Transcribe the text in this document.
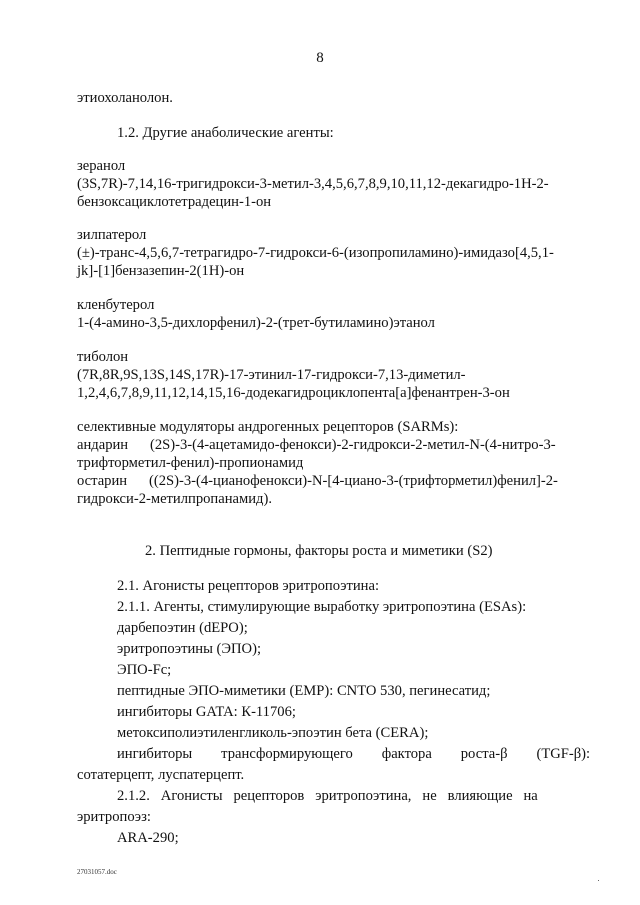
8
этиохоланолон.
1.2. Другие анаболические агенты:
зеранол
(3S,7R)-7,14,16-тригидрокси-3-метил-3,4,5,6,7,8,9,10,11,12-декагидро-1Н-2-
бензоксациклотетрадецин-1-он
зилпатерол
(±)-транс-4,5,6,7-тетрагидро-7-гидрокси-6-(изопропиламино)-имидазо[4,5,1-
jk]-[1]бензазепин-2(1Н)-он
кленбутерол
1-(4-амино-3,5-дихлорфенил)-2-(трет-бутиламино)этанол
тиболон
(7R,8R,9S,13S,14S,17R)-17-этинил-17-гидрокси-7,13-диметил-
1,2,4,6,7,8,9,11,12,14,15,16-додекагидроциклопента[а]фенантрен-3-он
селективные модуляторы андрогенных рецепторов (SARMs):
андарин      (2S)-3-(4-ацетамидо-фенокси)-2-гидрокси-2-метил-N-(4-нитро-3-
трифторметил-фенил)-пропионамид
остарин      ((2S)-3-(4-цианофенокси)-N-[4-циано-3-(трифторметил)фенил]-2-
гидрокси-2-метилпропанамид).
2. Пептидные гормоны, факторы роста и миметики (S2)
2.1. Агонисты рецепторов эритропоэтина:
2.1.1. Агенты, стимулирующие выработку эритропоэтина (ESAs):
дарбепоэтин (dEPO);
эритропоэтины (ЭПО);
ЭПО-Fc;
пептидные ЭПО-миметики (ЕМР): CNTO 530, пегинесатид;
ингибиторы GATA: К-11706;
метоксиполиэтиленгликоль-эпоэтин бета (CERA);
ингибиторы   трансформирующего   фактора   роста-β   (TGF-β):
сотатерцепт, луспатерцепт.
2.1.2.   Агонисты   рецепторов   эритропоэтина,   не   влияющие   на
эритропоэз:
ARA-290;
27031057.doc
